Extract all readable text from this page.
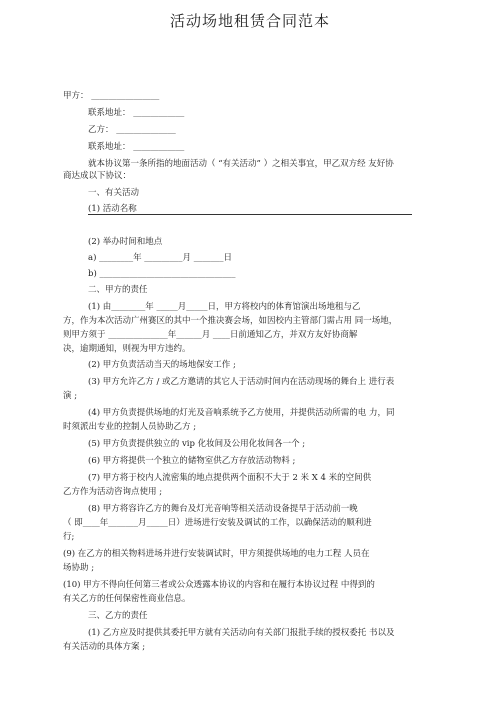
活动场地租赁合同范本
甲方： ________________
联系地址： ____________
乙方： ______________
联系地址： ____________
就本协议第一条所指的地面活动（ “有关活动” ）之相关事宜，甲乙双方经 友好协
商达成以下协议：
一、有关活动
(1) 活动名称
(2) 举办时间和地点
a) ________年 _________月 _______日
b) ________________________________
二、甲方的责任
(1) 由________年 _____月_____日，甲方将校内的体育馆演出场地租与乙
方，作为本次活动广州赛区的其中一个推决赛会场，如因校内主管部门需占用 同一场地，
则甲方须于 ______________年______月 ____日前通知乙方，并双方友好协商解
决，逾期通知，则视为甲方违约。
(2) 甲方负责活动当天的场地保安工作 ;
(3) 甲方允许乙方 / 或乙方邀请的其它人于活动时间内在活动现场的舞台上 进行表
演 ;
(4) 甲方负责提供场地的灯光及音响系统予乙方使用，并提供活动所需的电 力，同
时须派出专业的控制人员协助乙方 ;
(5) 甲方负责提供独立的 vip 化妆间及公用化妆间各一个 ;
(6) 甲方将提供一个独立的储物室供乙方存放活动物料 ;
(7) 甲方将于校内人流密集的地点提供两个面积不大于 2 米 X 4 米的空间供
乙方作为活动咨询点使用 ;
(8) 甲方将容许乙方的舞台及灯光音响等相关活动设备提早于活动前一晚
（ 即____年_______月_____日）进场进行安装及调试的工作，以确保活动的顺利进
行;
(9) 在乙方的相关物料进场并进行安装调试时，甲方须提供场地的电力工程 人员在
场协助 ;
(10) 甲方不得向任何第三者或公众透露本协议的内容和在履行本协议过程 中得到的
有关乙方的任何保密性商业信息。
三、乙方的责任
(1) 乙方应及时提供其委托甲方就有关活动向有关部门报批手续的授权委托 书以及
有关活动的具体方案 ;
